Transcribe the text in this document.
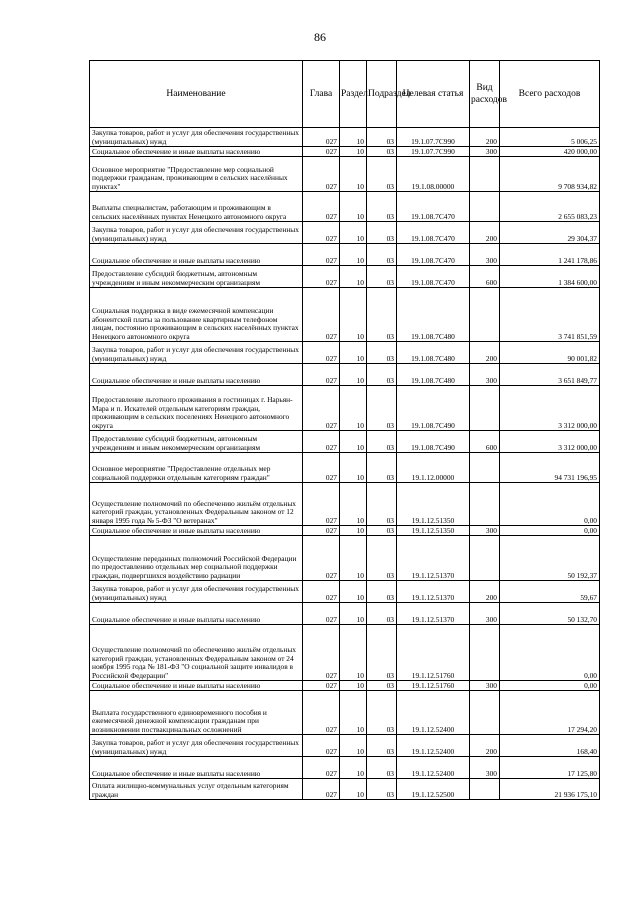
86
Наименование	Глава	Раздел	Подраздел	Целевая статья	Вид расходов	Всего расходов
Закупка товаров, работ и услуг для обеспечения государственных (муниципальных) нужд	027	10	03	19.1.07.7С990	200	5 006,25
Социальное обеспечение и иные выплаты населению	027	10	03	19.1.07.7С990	300	420 000,00
Основное мероприятие "Предоставление мер социальной поддержки гражданам, проживающим в сельских населённых пунктах"	027	10	03	19.1.08.00000		9 708 934,82
Выплаты специалистам, работающим и проживающим в сельских населённых пунктах Ненецкого автономного округа	027	10	03	19.1.08.7С470		2 655 083,23
Закупка товаров, работ и услуг для обеспечения государственных (муниципальных) нужд	027	10	03	19.1.08.7С470	200	29 304,37
Социальное обеспечение и иные выплаты населению	027	10	03	19.1.08.7С470	300	1 241 178,86
Предоставление субсидий бюджетным, автономным учреждениям и иным некоммерческим организациям	027	10	03	19.1.08.7С470	600	1 384 600,00
Социальная поддержка в виде ежемесячной компенсации абонентской платы за пользование квартирным телефоном лицам, постоянно проживающим в сельских населённых пунктах Ненецкого автономного округа	027	10	03	19.1.08.7С480		3 741 851,59
Закупка товаров, работ и услуг для обеспечения государственных (муниципальных) нужд	027	10	03	19.1.08.7С480	200	90 001,82
Социальное обеспечение и иные выплаты населению	027	10	03	19.1.08.7С480	300	3 651 849,77
Предоставление льготного проживания в гостиницах г. Нарьян-Мара и п. Искателей отдельным категориям граждан, проживающим в сельских поселениях Ненецкого автономного округа	027	10	03	19.1.08.7С490		3 312 000,00
Предоставление субсидий бюджетным, автономным учреждениям и иным некоммерческим организациям	027	10	03	19.1.08.7С490	600	3 312 000,00
Основное мероприятие "Предоставление отдельных мер социальной поддержки отдельным категориям граждан"	027	10	03	19.1.12.00000		94 731 196,95
Осуществление полномочий по обеспечению жильём отдельных категорий граждан, установленных Федеральным законом от 12 января 1995 года № 5-ФЗ "О ветеранах"	027	10	03	19.1.12.51350		0,00
Социальное обеспечение и иные выплаты населению	027	10	03	19.1.12.51350	300	0,00
Осуществление переданных полномочий Российской Федерации по предоставлению отдельных мер социальной поддержки граждан, подвергшихся воздействию радиации	027	10	03	19.1.12.51370		50 192,37
Закупка товаров, работ и услуг для обеспечения государственных (муниципальных) нужд	027	10	03	19.1.12.51370	200	59,67
Социальное обеспечение и иные выплаты населению	027	10	03	19.1.12.51370	300	50 132,70
Осуществление полномочий по обеспечению жильём отдельных категорий граждан, установленных Федеральным законом от 24 ноября 1995 года № 181-ФЗ "О социальной защите инвалидов в Российской Федерации"	027	10	03	19.1.12.51760		0,00
Социальное обеспечение и иные выплаты населению	027	10	03	19.1.12.51760	300	0,00
Выплата государственного единовременного пособия и ежемесячной денежной компенсации гражданам при возникновении поствакцинальных осложнений	027	10	03	19.1.12.52400		17 294,20
Закупка товаров, работ и услуг для обеспечения государственных (муниципальных) нужд	027	10	03	19.1.12.52400	200	168,40
Социальное обеспечение и иные выплаты населению	027	10	03	19.1.12.52400	300	17 125,80
Оплата жилищно-коммунальных услуг отдельным категориям граждан	027	10	03	19.1.12.52500		21 936 175,10
